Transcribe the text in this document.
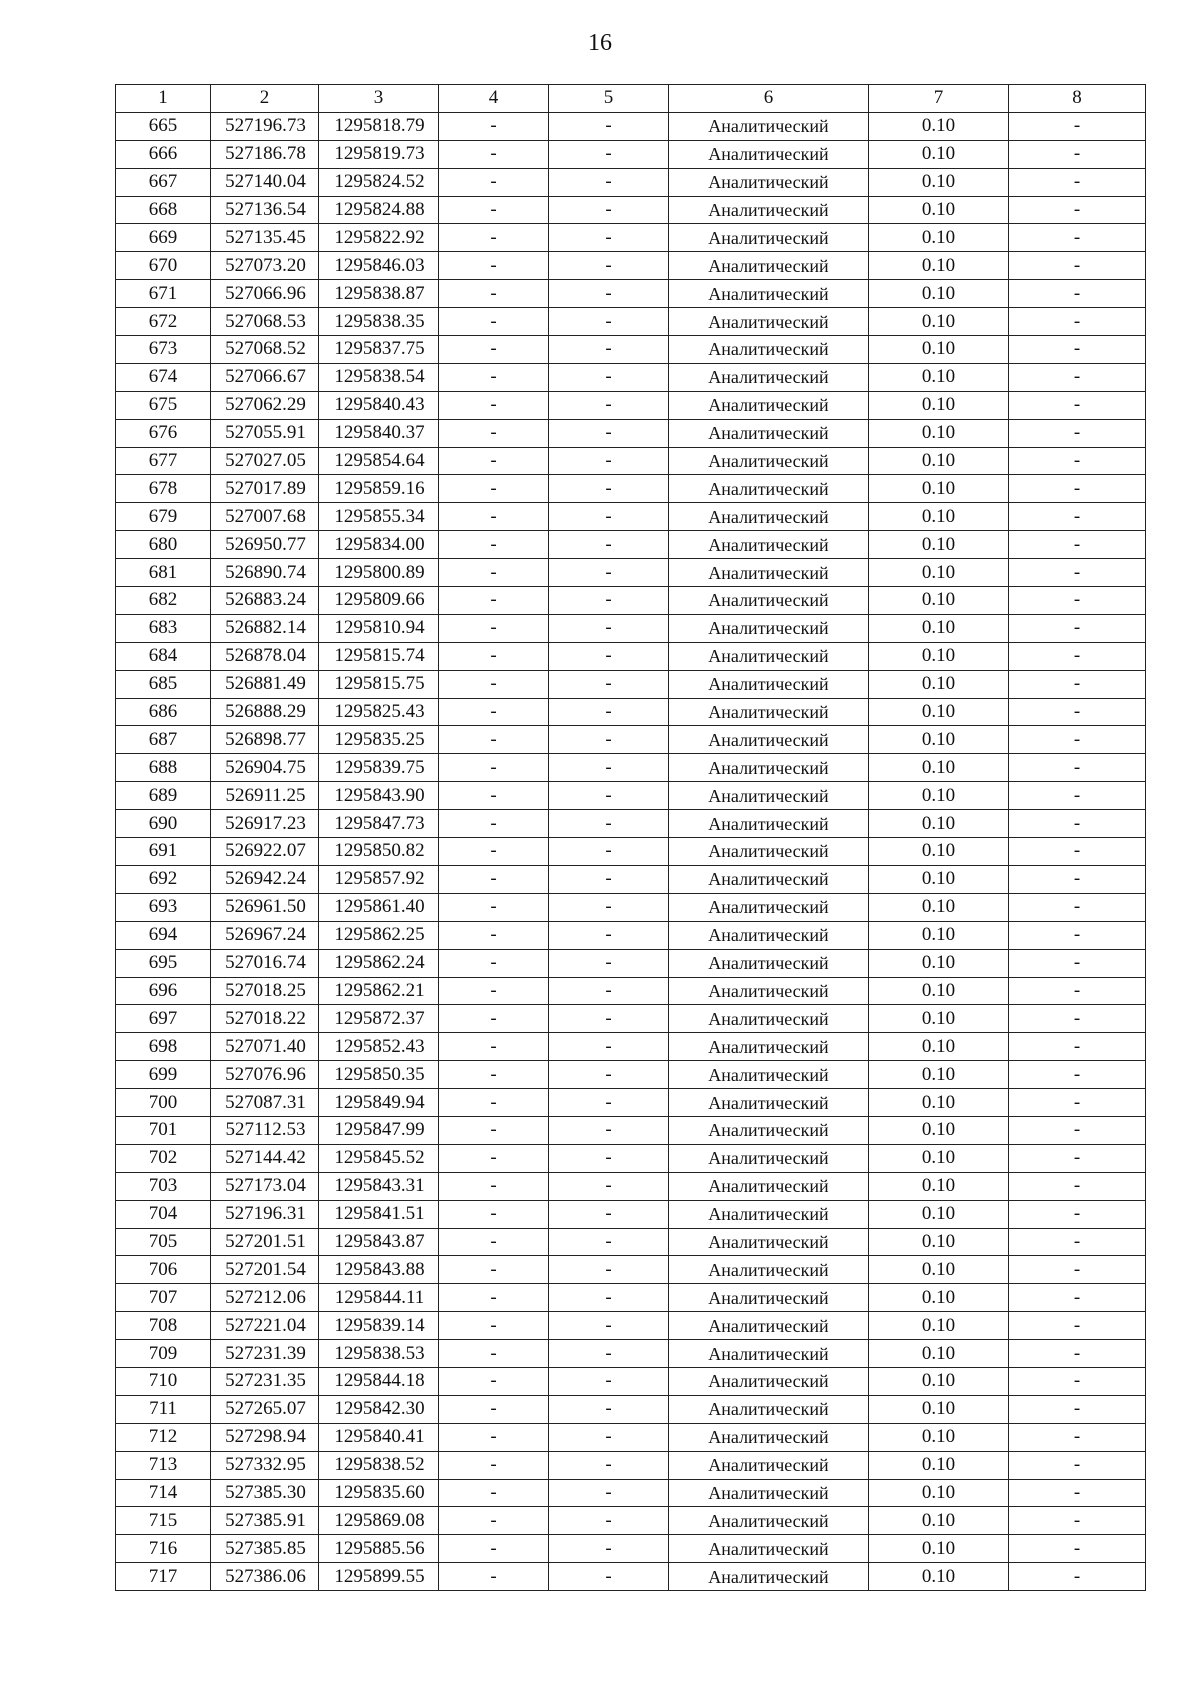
16
1	2	3	4	5	6	7	8
665	527196.73	1295818.79	-	-	Аналитический	0.10	-
666	527186.78	1295819.73	-	-	Аналитический	0.10	-
667	527140.04	1295824.52	-	-	Аналитический	0.10	-
668	527136.54	1295824.88	-	-	Аналитический	0.10	-
669	527135.45	1295822.92	-	-	Аналитический	0.10	-
670	527073.20	1295846.03	-	-	Аналитический	0.10	-
671	527066.96	1295838.87	-	-	Аналитический	0.10	-
672	527068.53	1295838.35	-	-	Аналитический	0.10	-
673	527068.52	1295837.75	-	-	Аналитический	0.10	-
674	527066.67	1295838.54	-	-	Аналитический	0.10	-
675	527062.29	1295840.43	-	-	Аналитический	0.10	-
676	527055.91	1295840.37	-	-	Аналитический	0.10	-
677	527027.05	1295854.64	-	-	Аналитический	0.10	-
678	527017.89	1295859.16	-	-	Аналитический	0.10	-
679	527007.68	1295855.34	-	-	Аналитический	0.10	-
680	526950.77	1295834.00	-	-	Аналитический	0.10	-
681	526890.74	1295800.89	-	-	Аналитический	0.10	-
682	526883.24	1295809.66	-	-	Аналитический	0.10	-
683	526882.14	1295810.94	-	-	Аналитический	0.10	-
684	526878.04	1295815.74	-	-	Аналитический	0.10	-
685	526881.49	1295815.75	-	-	Аналитический	0.10	-
686	526888.29	1295825.43	-	-	Аналитический	0.10	-
687	526898.77	1295835.25	-	-	Аналитический	0.10	-
688	526904.75	1295839.75	-	-	Аналитический	0.10	-
689	526911.25	1295843.90	-	-	Аналитический	0.10	-
690	526917.23	1295847.73	-	-	Аналитический	0.10	-
691	526922.07	1295850.82	-	-	Аналитический	0.10	-
692	526942.24	1295857.92	-	-	Аналитический	0.10	-
693	526961.50	1295861.40	-	-	Аналитический	0.10	-
694	526967.24	1295862.25	-	-	Аналитический	0.10	-
695	527016.74	1295862.24	-	-	Аналитический	0.10	-
696	527018.25	1295862.21	-	-	Аналитический	0.10	-
697	527018.22	1295872.37	-	-	Аналитический	0.10	-
698	527071.40	1295852.43	-	-	Аналитический	0.10	-
699	527076.96	1295850.35	-	-	Аналитический	0.10	-
700	527087.31	1295849.94	-	-	Аналитический	0.10	-
701	527112.53	1295847.99	-	-	Аналитический	0.10	-
702	527144.42	1295845.52	-	-	Аналитический	0.10	-
703	527173.04	1295843.31	-	-	Аналитический	0.10	-
704	527196.31	1295841.51	-	-	Аналитический	0.10	-
705	527201.51	1295843.87	-	-	Аналитический	0.10	-
706	527201.54	1295843.88	-	-	Аналитический	0.10	-
707	527212.06	1295844.11	-	-	Аналитический	0.10	-
708	527221.04	1295839.14	-	-	Аналитический	0.10	-
709	527231.39	1295838.53	-	-	Аналитический	0.10	-
710	527231.35	1295844.18	-	-	Аналитический	0.10	-
711	527265.07	1295842.30	-	-	Аналитический	0.10	-
712	527298.94	1295840.41	-	-	Аналитический	0.10	-
713	527332.95	1295838.52	-	-	Аналитический	0.10	-
714	527385.30	1295835.60	-	-	Аналитический	0.10	-
715	527385.91	1295869.08	-	-	Аналитический	0.10	-
716	527385.85	1295885.56	-	-	Аналитический	0.10	-
717	527386.06	1295899.55	-	-	Аналитический	0.10	-
